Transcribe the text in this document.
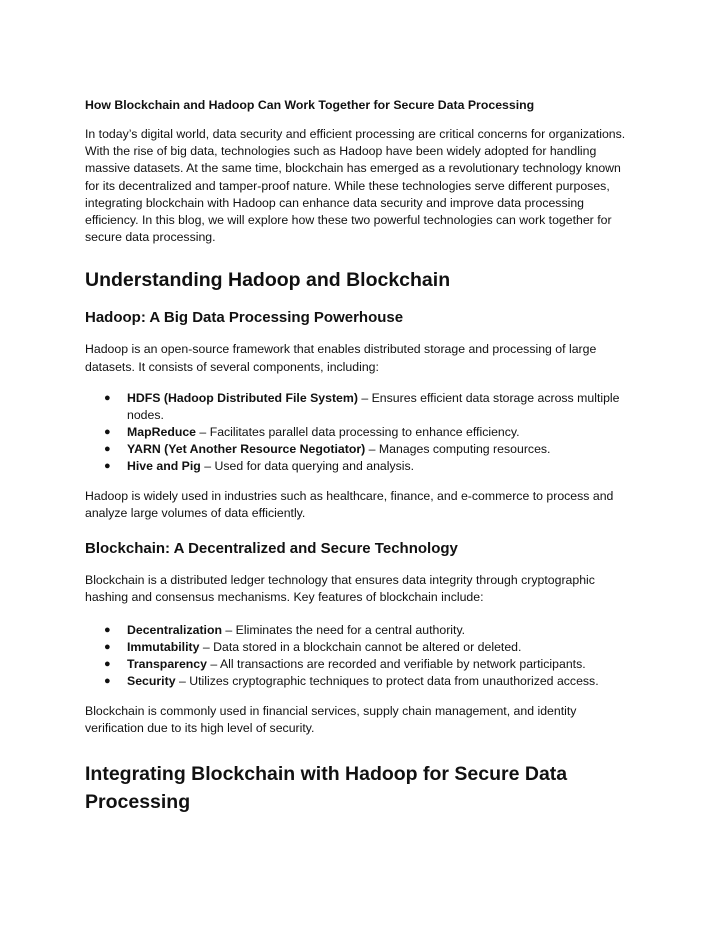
How Blockchain and Hadoop Can Work Together for Secure Data Processing

In today’s digital world, data security and efficient processing are critical concerns for organizations. With the rise of big data, technologies such as Hadoop have been widely adopted for handling massive datasets. At the same time, blockchain has emerged as a revolutionary technology known for its decentralized and tamper-proof nature. While these technologies serve different purposes, integrating blockchain with Hadoop can enhance data security and improve data processing efficiency. In this blog, we will explore how these two powerful technologies can work together for secure data processing.

Understanding Hadoop and Blockchain
Hadoop: A Big Data Processing Powerhouse

Hadoop is an open-source framework that enables distributed storage and processing of large datasets. It consists of several components, including:

● HDFS (Hadoop Distributed File System) – Ensures efficient data storage across multiple nodes.
● MapReduce – Facilitates parallel data processing to enhance efficiency.
● YARN (Yet Another Resource Negotiator) – Manages computing resources.
● Hive and Pig – Used for data querying and analysis.

Hadoop is widely used in industries such as healthcare, finance, and e-commerce to process and analyze large volumes of data efficiently.

Blockchain: A Decentralized and Secure Technology

Blockchain is a distributed ledger technology that ensures data integrity through cryptographic hashing and consensus mechanisms. Key features of blockchain include:

● Decentralization – Eliminates the need for a central authority.
● Immutability – Data stored in a blockchain cannot be altered or deleted.
● Transparency – All transactions are recorded and verifiable by network participants.
● Security – Utilizes cryptographic techniques to protect data from unauthorized access.

Blockchain is commonly used in financial services, supply chain management, and identity verification due to its high level of security.

Integrating Blockchain with Hadoop for Secure Data Processing
